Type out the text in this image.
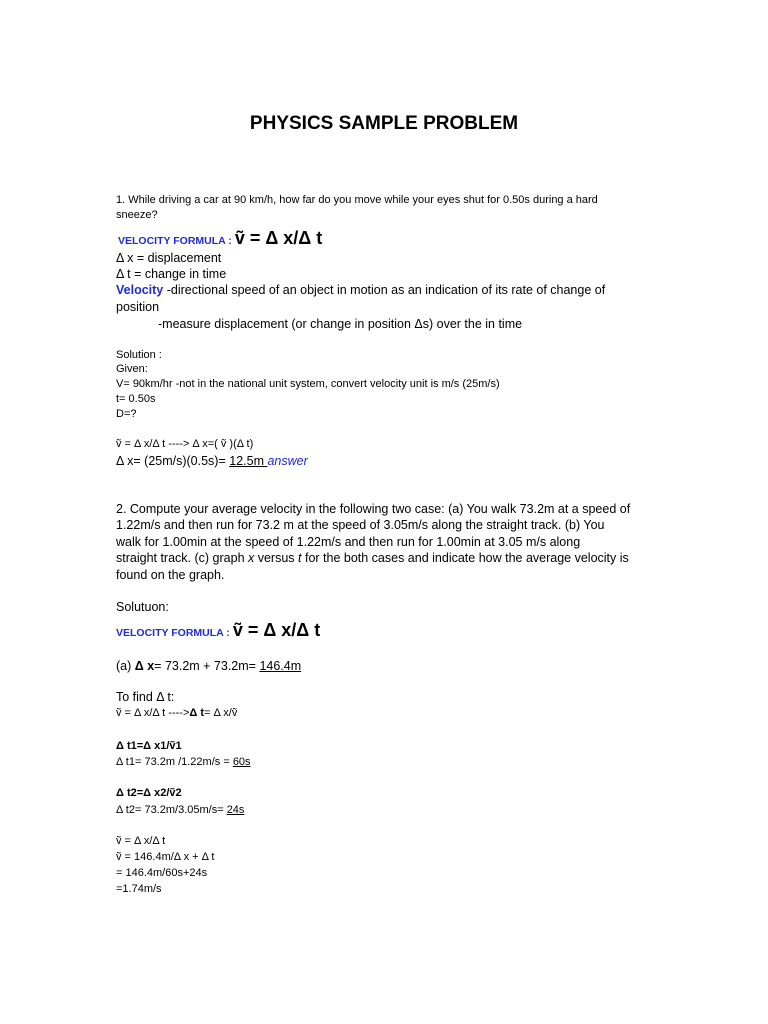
PHYSICS SAMPLE PROBLEM
1. While driving a car at 90 km/h, how far do you move while your eyes shut for 0.50s during a hard
sneeze?
VELOCITY FORMULA : ṽ = Δ x/Δ t
Δ x = displacement
Δ t = change in time
Velocity -directional speed of an object in motion as an indication of its rate of change of
position
-measure displacement (or change in position Δs) over the in time
Solution :
Given:
V= 90km/hr -not in the national unit system, convert velocity unit is m/s (25m/s)
t= 0.50s
D=?
ṽ = Δ x/Δ t ----> Δ x=( ṽ )(Δ t)
Δ x= (25m/s)(0.5s)= 12.5m answer
2. Compute your average velocity in the following two case: (a) You walk 73.2m at a speed of
1.22m/s and then run for 73.2 m at the speed of 3.05m/s along the straight track. (b) You
walk for 1.00min at the speed of 1.22m/s and then run for 1.00min at 3.05 m/s along
straight track. (c) graph x versus t for the both cases and indicate how the average velocity is
found on the graph.
Solutuon:
VELOCITY FORMULA : ṽ = Δ x/Δ t
(a) Δ x= 73.2m + 73.2m= 146.4m
To find Δ t:
ṽ = Δ x/Δ t ---->Δ t= Δ x/ṽ
Δ t1=Δ x1/ṽ1
Δ t1= 73.2m /1.22m/s = 60s
Δ t2=Δ x2/ṽ2
Δ t2= 73.2m/3.05m/s= 24s
ṽ = Δ x/Δ t
ṽ = 146.4m/Δ x + Δ t
= 146.4m/60s+24s
=1.74m/s
